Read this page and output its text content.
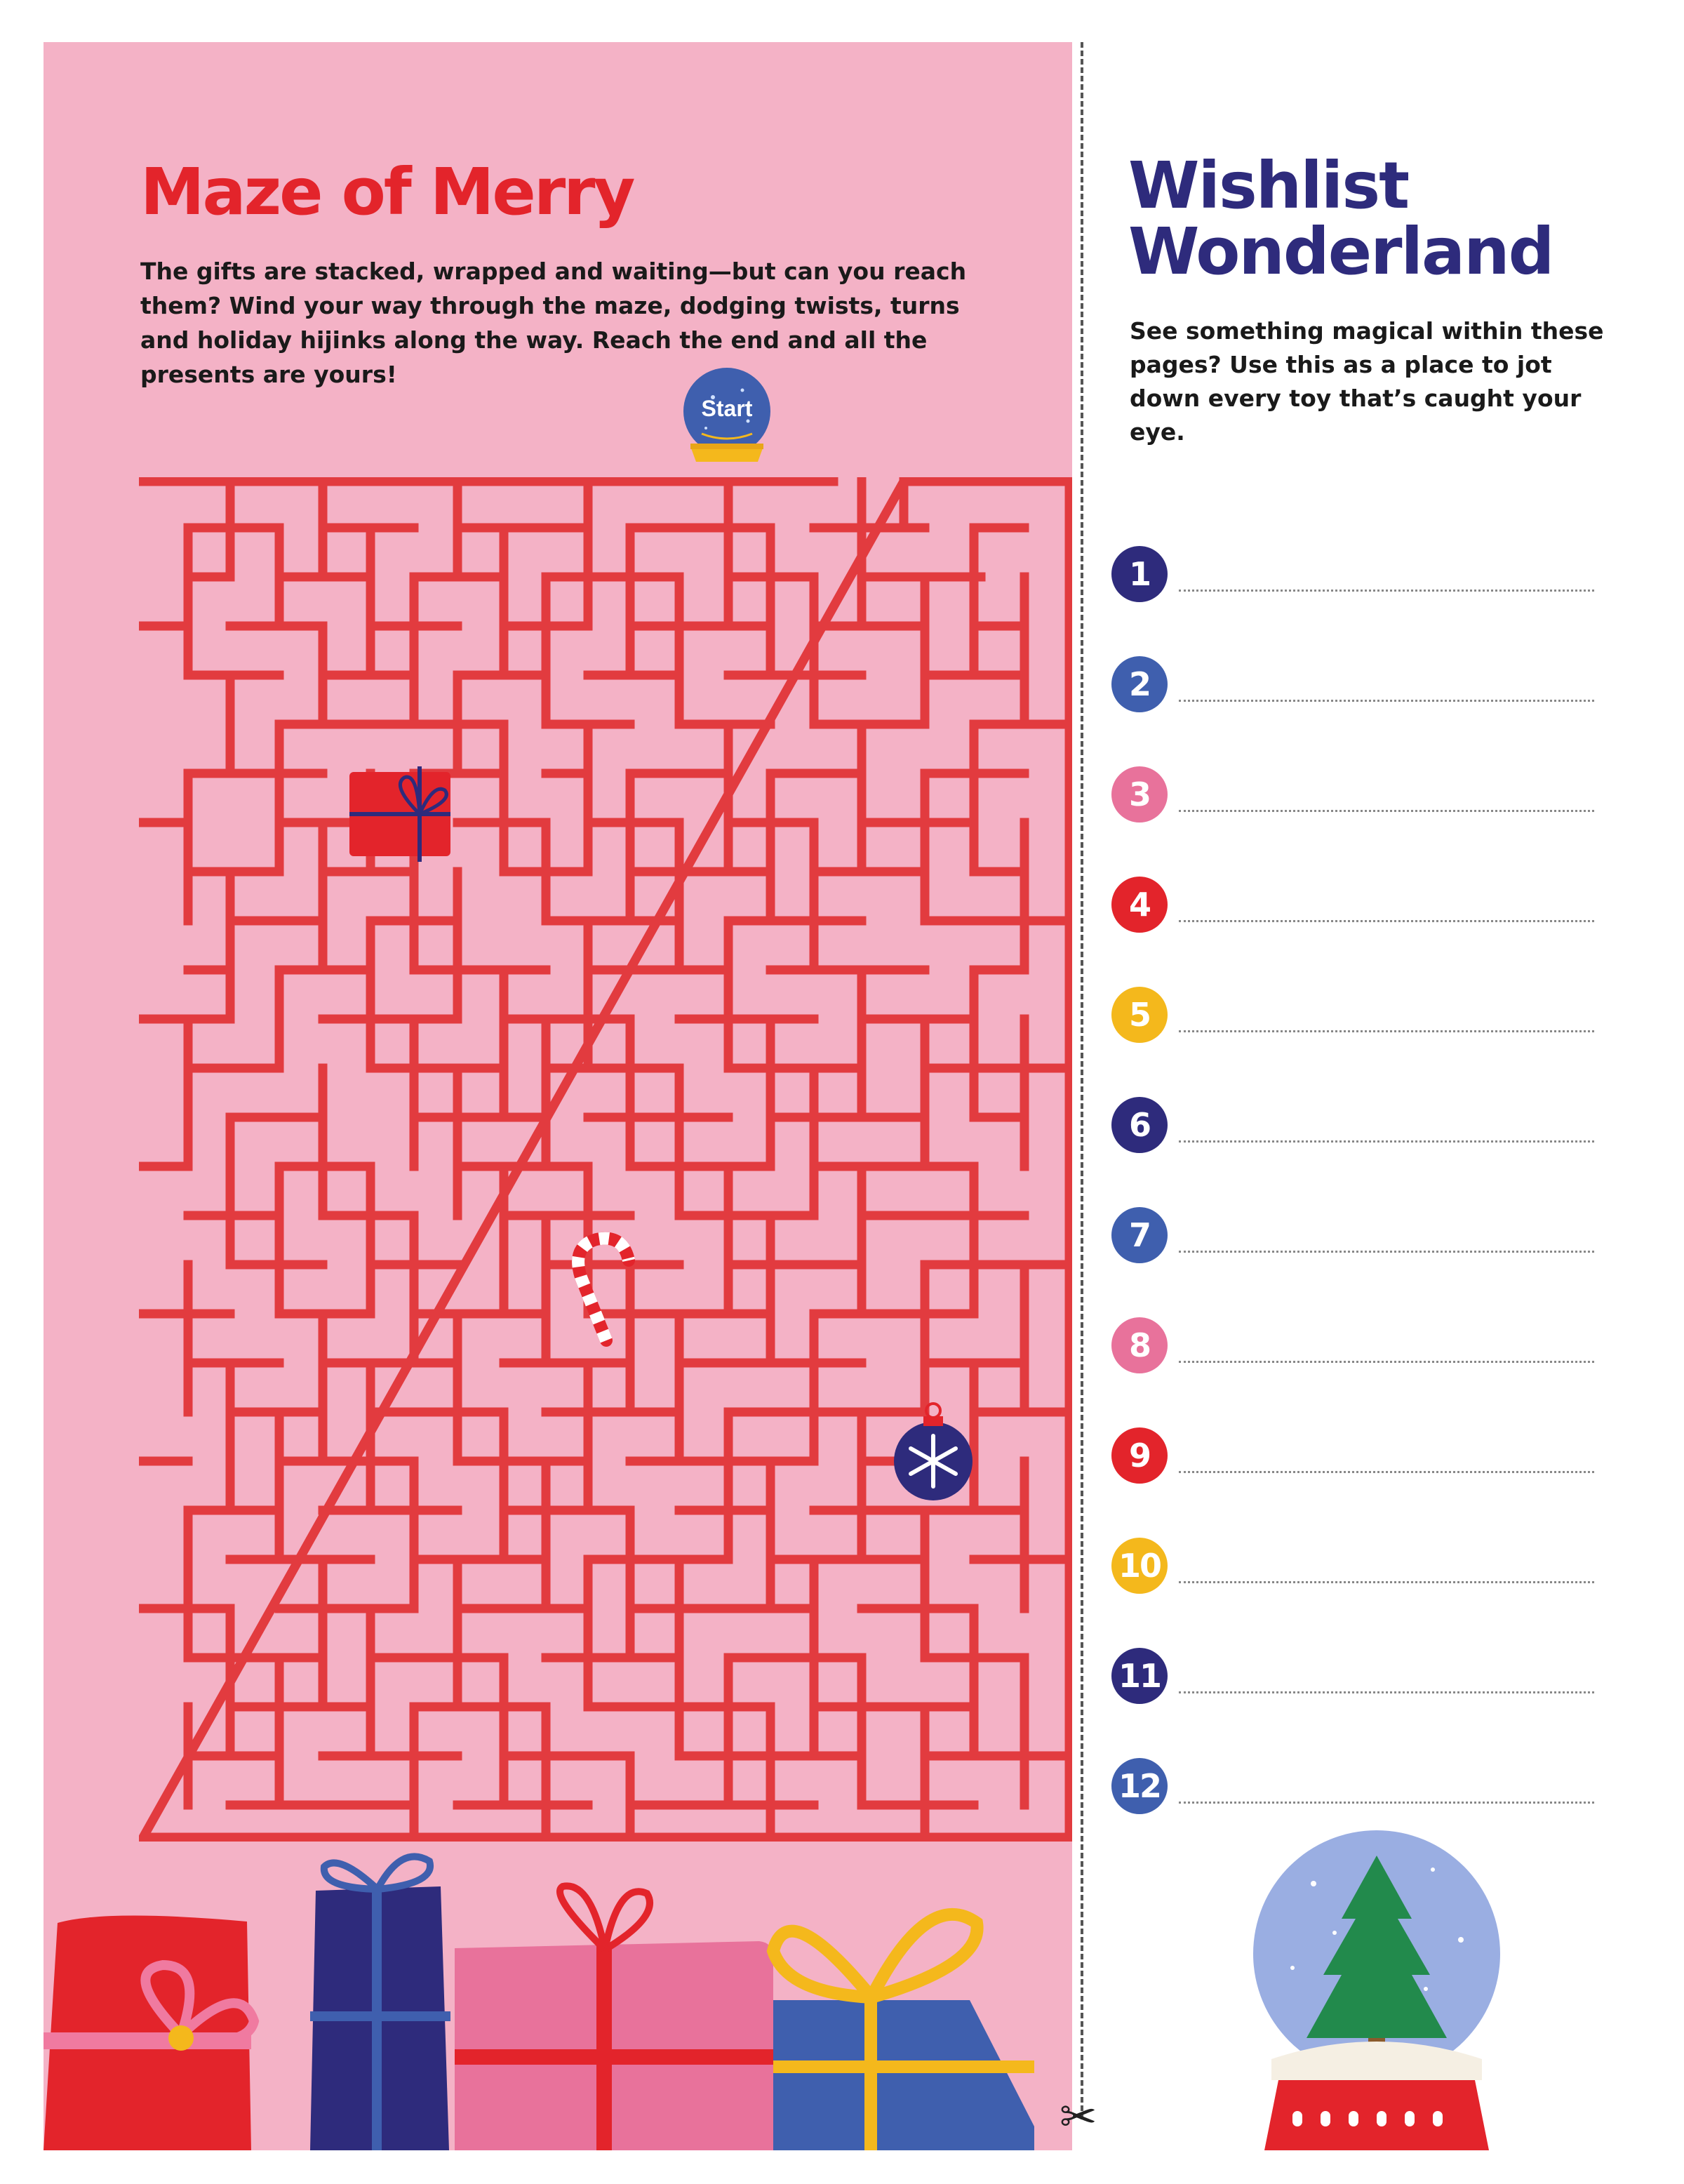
Maze of Merry

The gifts are stacked, wrapped and waiting—but can you reach them? Wind your way through the maze, dodging twists, turns and holiday hijinks along the way. Reach the end and all the presents are yours!

Start
✂
Wishlist
Wonderland

See something magical within these pages? Use this as a place to jot down every toy that’s caught your eye.

1
2
3
4
5
6
7
8
9
10
11
12
